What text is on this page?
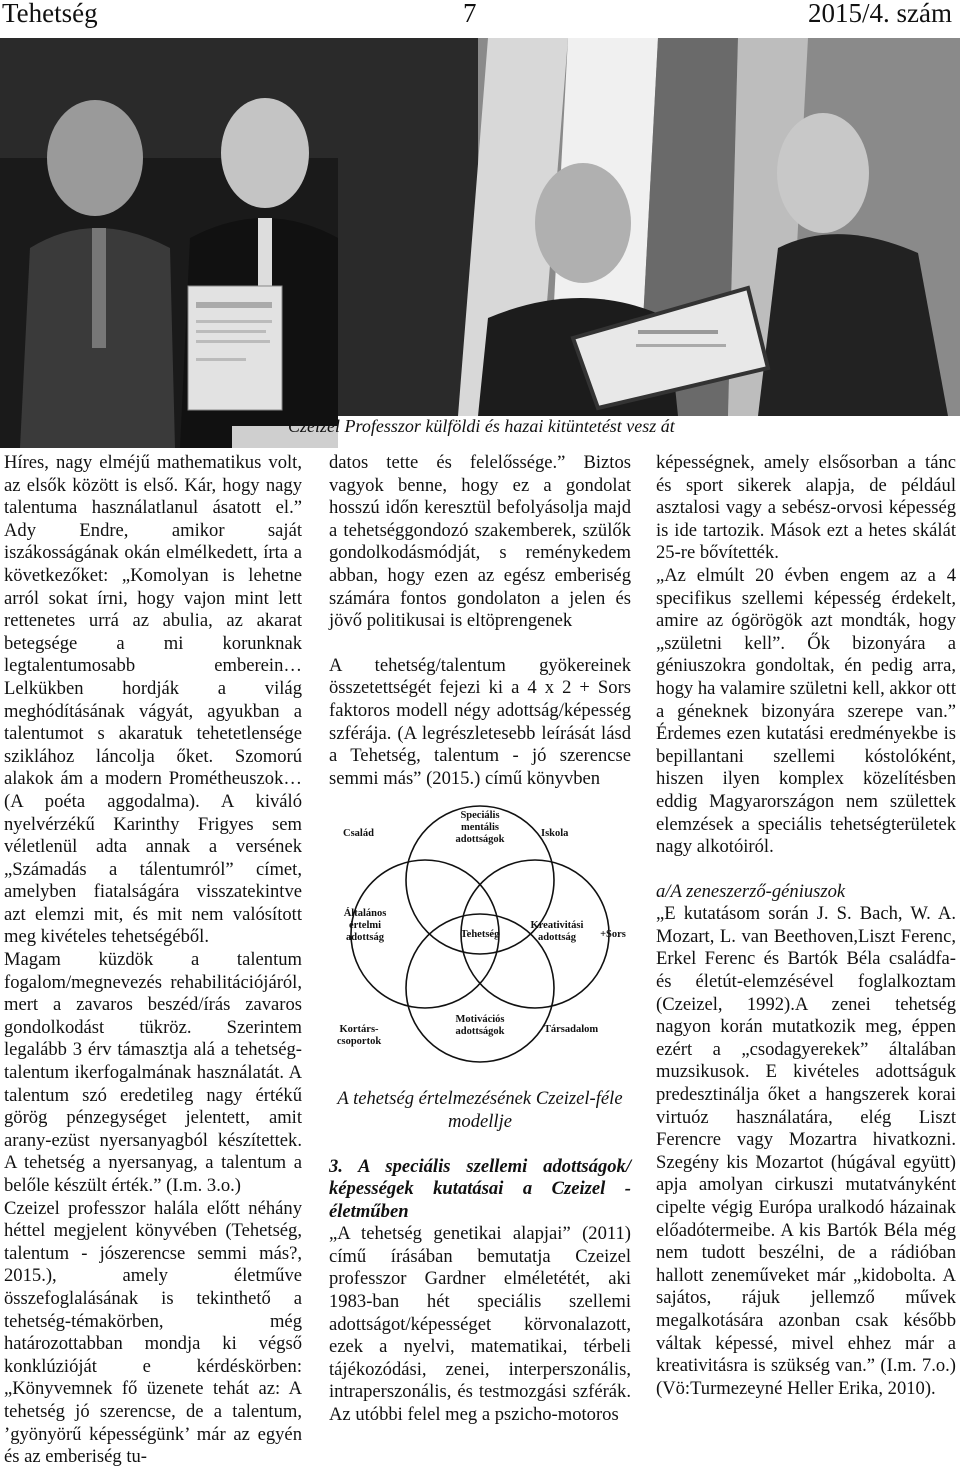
Tehetség	7	2015/4. szám
Czeizel Professzor külföldi és hazai kitüntetést vesz át

Híres, nagy elméjű mathematikus volt, az elsők között is első. Kár, hogy nagy talentuma használatlanul ásatott el.” Ady Endre, amikor saját iszákosságának okán elmélkedett, írta a következőket: „Komolyan is lehetne arról sokat írni, hogy vajon mint lett rettenetes urrá az abulia, az akarat betegsége a mi korunknak legtalentumosabb emberein… Lelkükben hordják a világ meghódításának vágyát, agyukban a talentumot s akaratuk tehetetlensége sziklához láncolja őket. Szomorú alakok ám a modern Prométheuszok… (A poéta aggodalma). A kiváló nyelvérzékű Karinthy Frigyes sem véletlenül adta annak a versének „Számadás a tálentumról” címet, amelyben fiatalságára visszatekintve azt elemzi mit, és mit nem valósított meg kivételes tehetségéből.

Magam küzdök a talentum fogalom/megnevezés rehabilitációjáról, mert a zavaros beszéd/írás zavaros gondolkodást tükröz. Szerintem legalább 3 érv támasztja alá a tehetség-talentum ikerfogalmának használatát. A talentum szó eredetileg nagy értékű görög pénzegységet jelentett, amit arany-ezüst nyersanyagból készítettek. A tehetség a nyersanyag, a talentum a belőle készült érték.” (I.m. 3.o.)

Czeizel professzor halála előtt néhány héttel megjelent könyvében (Tehetség, talentum - jószerencse semmi más?, 2015.), amely életműve összefoglalásának is tekinthető a tehetség-témakörben, még határozottabban mondja ki végső konklúzióját e kérdéskörben: „Könyvemnek fő üzenete tehát az: A tehetség jó szerencse, de a talentum, ’gyönyörű képességünk’ már az egyén és az emberiség tu-

datos tette és felelőssége.” Biztos vagyok benne, hogy ez a gondolat hosszú időn keresztül befolyásolja majd a tehetséggondozó szakemberek, szülők gondolkodásmódját, s reménykedem abban, hogy ezen az egész emberiség számára fontos gondolaton a jelen és jövő politikusai is eltöprengenek

A tehetség/talentum gyökereinek összetettségét fejezi ki a 4 x 2 + Sors faktoros modell négy adottság/képesség szférája. (A legrészletesebb leírását lásd a Tehetség, talentum - jó szerencse semmi más” (2015.) című könyvben

Család
Speciális
mentális
adottságok
Iskola
Általános
értelmi
adottság	Tehetség
Kreativitási
adottság +Sors
Kortárs-
csoportok
Motivációs
adottságok	Társadalom

A tehetség értelmezésének Czeizel-féle modellje

3. A speciális szellemi adottságok/ képességek kutatásai a Czeizel - életműben

„A tehetség genetikai alapjai” (2011) című írásában bemutatja Czeizel professzor Gardner elméletétét, aki 1983-ban hét speciális szellemi adottságot/képességet körvonalazott, ezek a nyelvi, matematikai, térbeli tájékozódási, zenei, interperszonális, intraperszonális, és testmozgási szférák. Az utóbbi felel meg a pszicho-motoros

képességnek, amely elsősorban a tánc és sport sikerek alapja, de például asztalosi vagy a sebész-orvosi képesség is ide tartozik. Mások ezt a hetes skálát 25-re bővítették.

„Az elmúlt 20 évben engem az a 4 specifikus szellemi képesség érdekelt, amire az ógörögök azt mondták, hogy „születni kell”. Ők bizonyára a géniuszokra gondoltak, én pedig arra, hogy ha valamire születni kell, akkor ott a géneknek bizonyára szerepe van.” Érdemes ezen kutatási eredményekbe is bepillantani szellemi kóstolóként, hiszen ilyen komplex közelítésben eddig Magyarországon nem születtek elemzések a speciális tehetségterületek nagy alkotóiról.

a/A zeneszerző-géniuszok

„E kutatásom során J. S. Bach, W. A. Mozart, L. van Beethoven,Liszt Ferenc, Erkel Ferenc és Bartók Béla családfa- és életút-elemzésével foglalkoztam (Czeizel, 1992).A zenei tehetség nagyon korán mutatkozik meg, éppen ezért a „csodagyerekek” általában muzsikusok. E kivételes adottságuk predesztinálja őket a hangszerek korai virtuóz használatára, elég Liszt Ferencre vagy Mozartra hivatkozni. Szegény kis Mozartot (húgával együtt) apja amolyan cirkuszi mutatványként cipelte végig Európa uralkodó házainak előadótermeibe. A kis Bartók Béla még nem tudott beszélni, de a rádióban hallott zeneműveket már „kidobolta. A sajátos, rájuk jellemző művek megalkotására azonban csak később váltak képessé, mivel ehhez már a kreativitásra is szükség van.” (I.m. 7.o.) (Vö:Turmezeyné Heller Erika, 2010).
